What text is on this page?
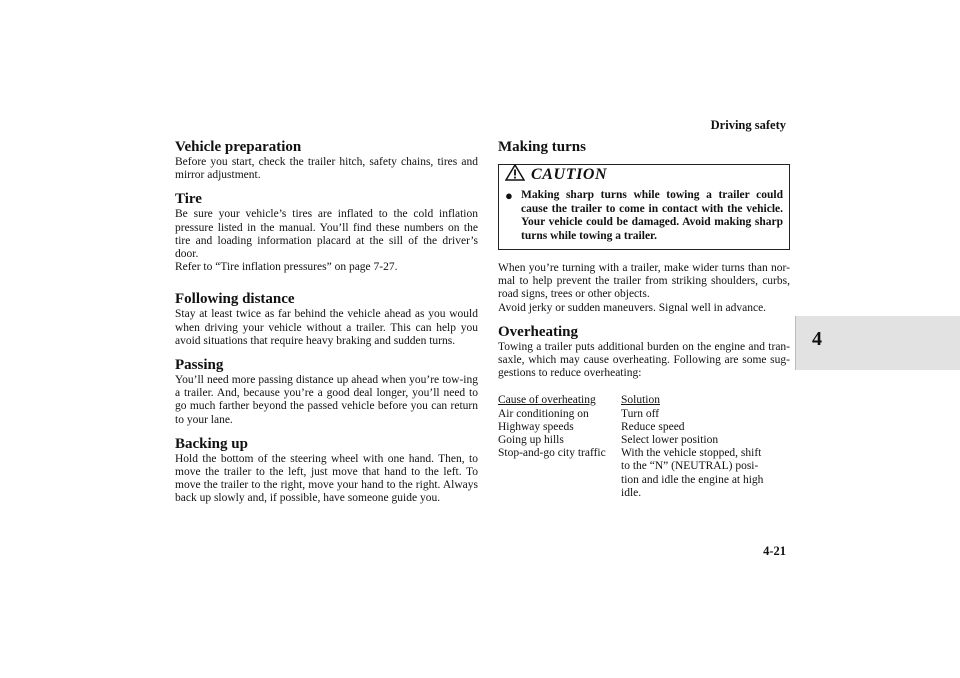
Driving safety
4
Vehicle preparation

Before you start, check the trailer hitch, safety chains, tires and mirror adjustment.

Tire

Be sure your vehicle’s tires are inflated to the cold inflation pressure listed in the manual. You’ll find these numbers on the tire and loading information placard at the sill of the driver’s door.

Refer to “Tire inflation pressures” on page 7-27.

Following distance

Stay at least twice as far behind the vehicle ahead as you would when driving your vehicle without a trailer. This can help you avoid situations that require heavy braking and sudden turns.

Passing

You’ll need more passing distance up ahead when you’re tow-ing a trailer. And, because you’re a good deal longer, you’ll need to go much farther beyond the passed vehicle before you can return to your lane.

Backing up

Hold the bottom of the steering wheel with one hand. Then, to move the trailer to the left, just move that hand to the left. To move the trailer to the right, move your hand to the right. Always back up slowly and, if possible, have someone guide you.

Making turns
CAUTION
● Making sharp turns while towing a trailer could cause the trailer to come in contact with the vehicle. Your vehicle could be damaged. Avoid making sharp turns while towing a trailer.

When you’re turning with a trailer, make wider turns than nor-mal to help prevent the trailer from striking shoulders, curbs, road signs, trees or other objects.

Avoid jerky or sudden maneuvers. Signal well in advance.

Overheating

Towing a trailer puts additional burden on the engine and tran-saxle, which may cause overheating. Following are some sug-gestions to reduce overheating:

Cause of overheating	Solution
Air conditioning on	Turn off
Highway speeds	Reduce speed
Going up hills	Select lower position
Stop-and-go city traffic	With the vehicle stopped, shift to the “N” (NEUTRAL) posi-tion and idle the engine at high idle.
4-21
